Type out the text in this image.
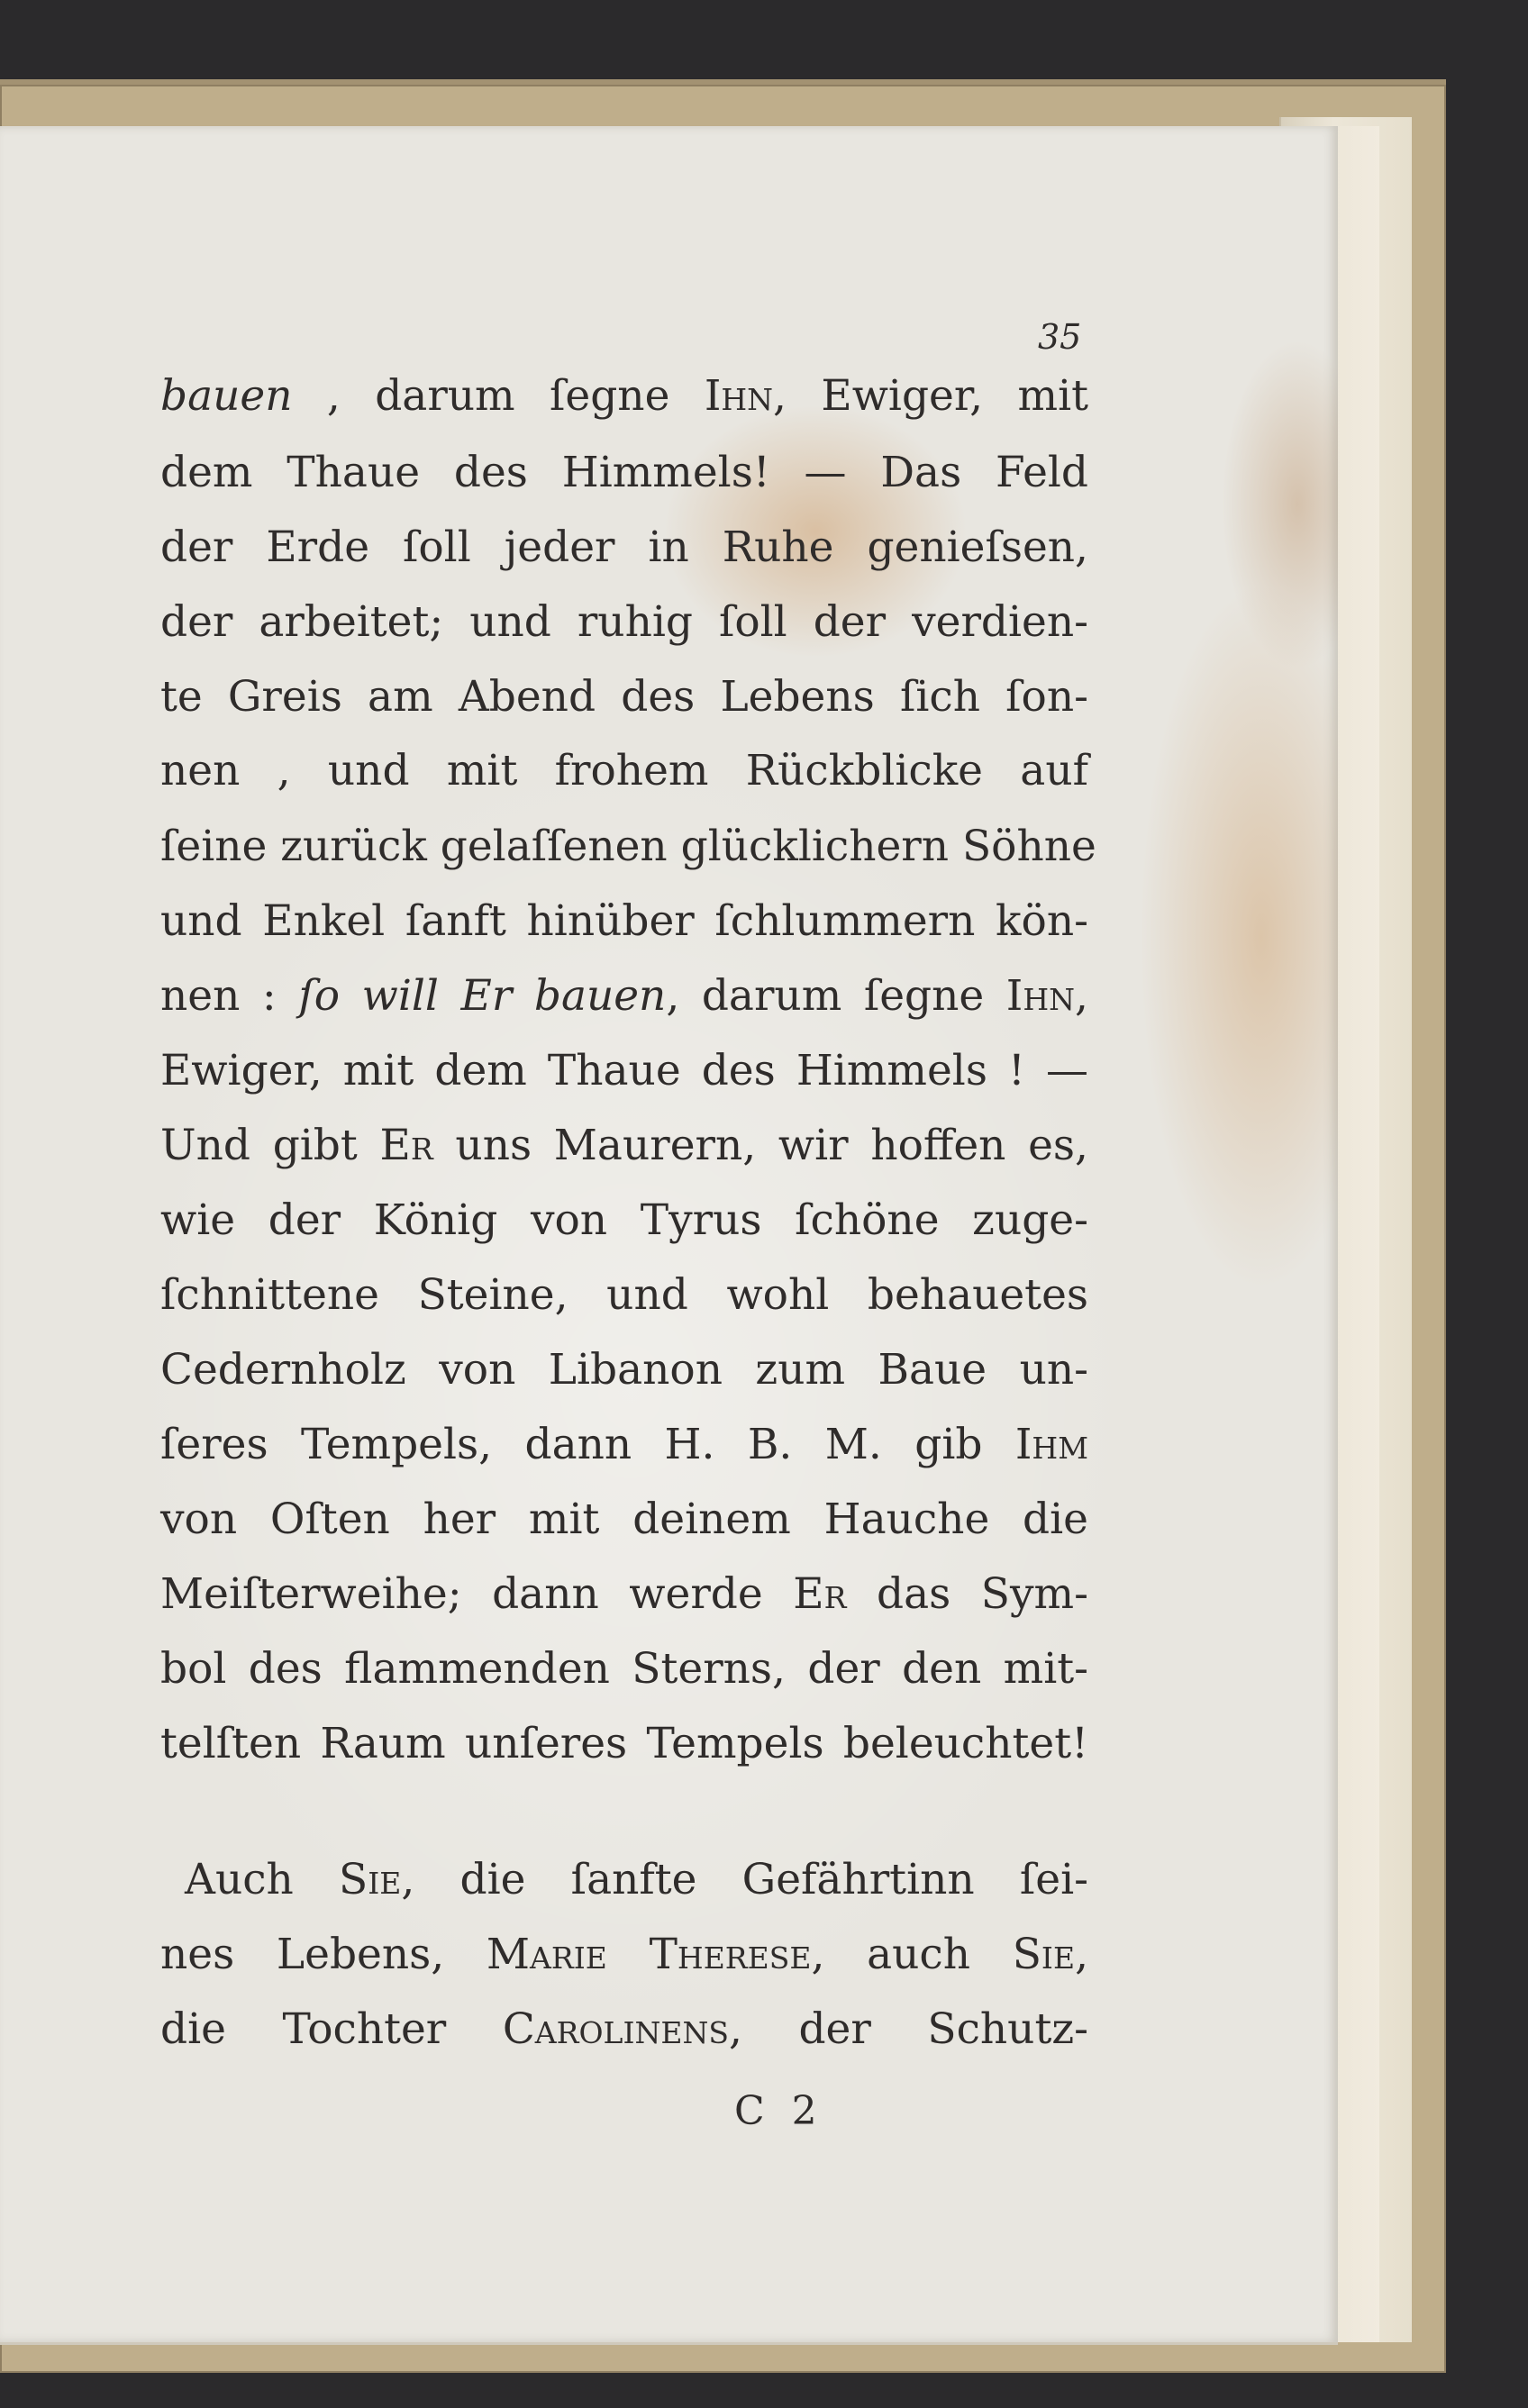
35
bauen , darum ſegne Ihn, Ewiger, mit
dem Thaue des Himmels! — Das Feld
der Erde ſoll jeder in Ruhe genieſsen,
der arbeitet; und ruhig ſoll der verdien-
te Greis am Abend des Lebens ſich ſon-
nen , und mit frohem Rückblicke auf
ſeine zurück gelaſſenen glücklichern Söhne
und Enkel ſanft hinüber ſchlummern kön-
nen : ſo will Er bauen, darum ſegne Ihn,
Ewiger, mit dem Thaue des Himmels ! —
Und gibt Er uns Maurern, wir hoffen es,
wie der König von Tyrus ſchöne zuge-
ſchnittene Steine, und wohl behauetes
Cedernholz von Libanon zum Baue un-
ſeres Tempels, dann H. B. M. gib Ihm
von Oſten her mit deinem Hauche die
Meiſterweihe; dann werde Er das Sym-
bol des flammenden Sterns, der den mit-
telſten Raum unſeres Tempels beleuchtet!
Auch Sie, die ſanfte Gefährtinn ſei-
nes Lebens, Marie Therese, auch Sie,
die Tochter Carolinens, der Schutz-
C 2
